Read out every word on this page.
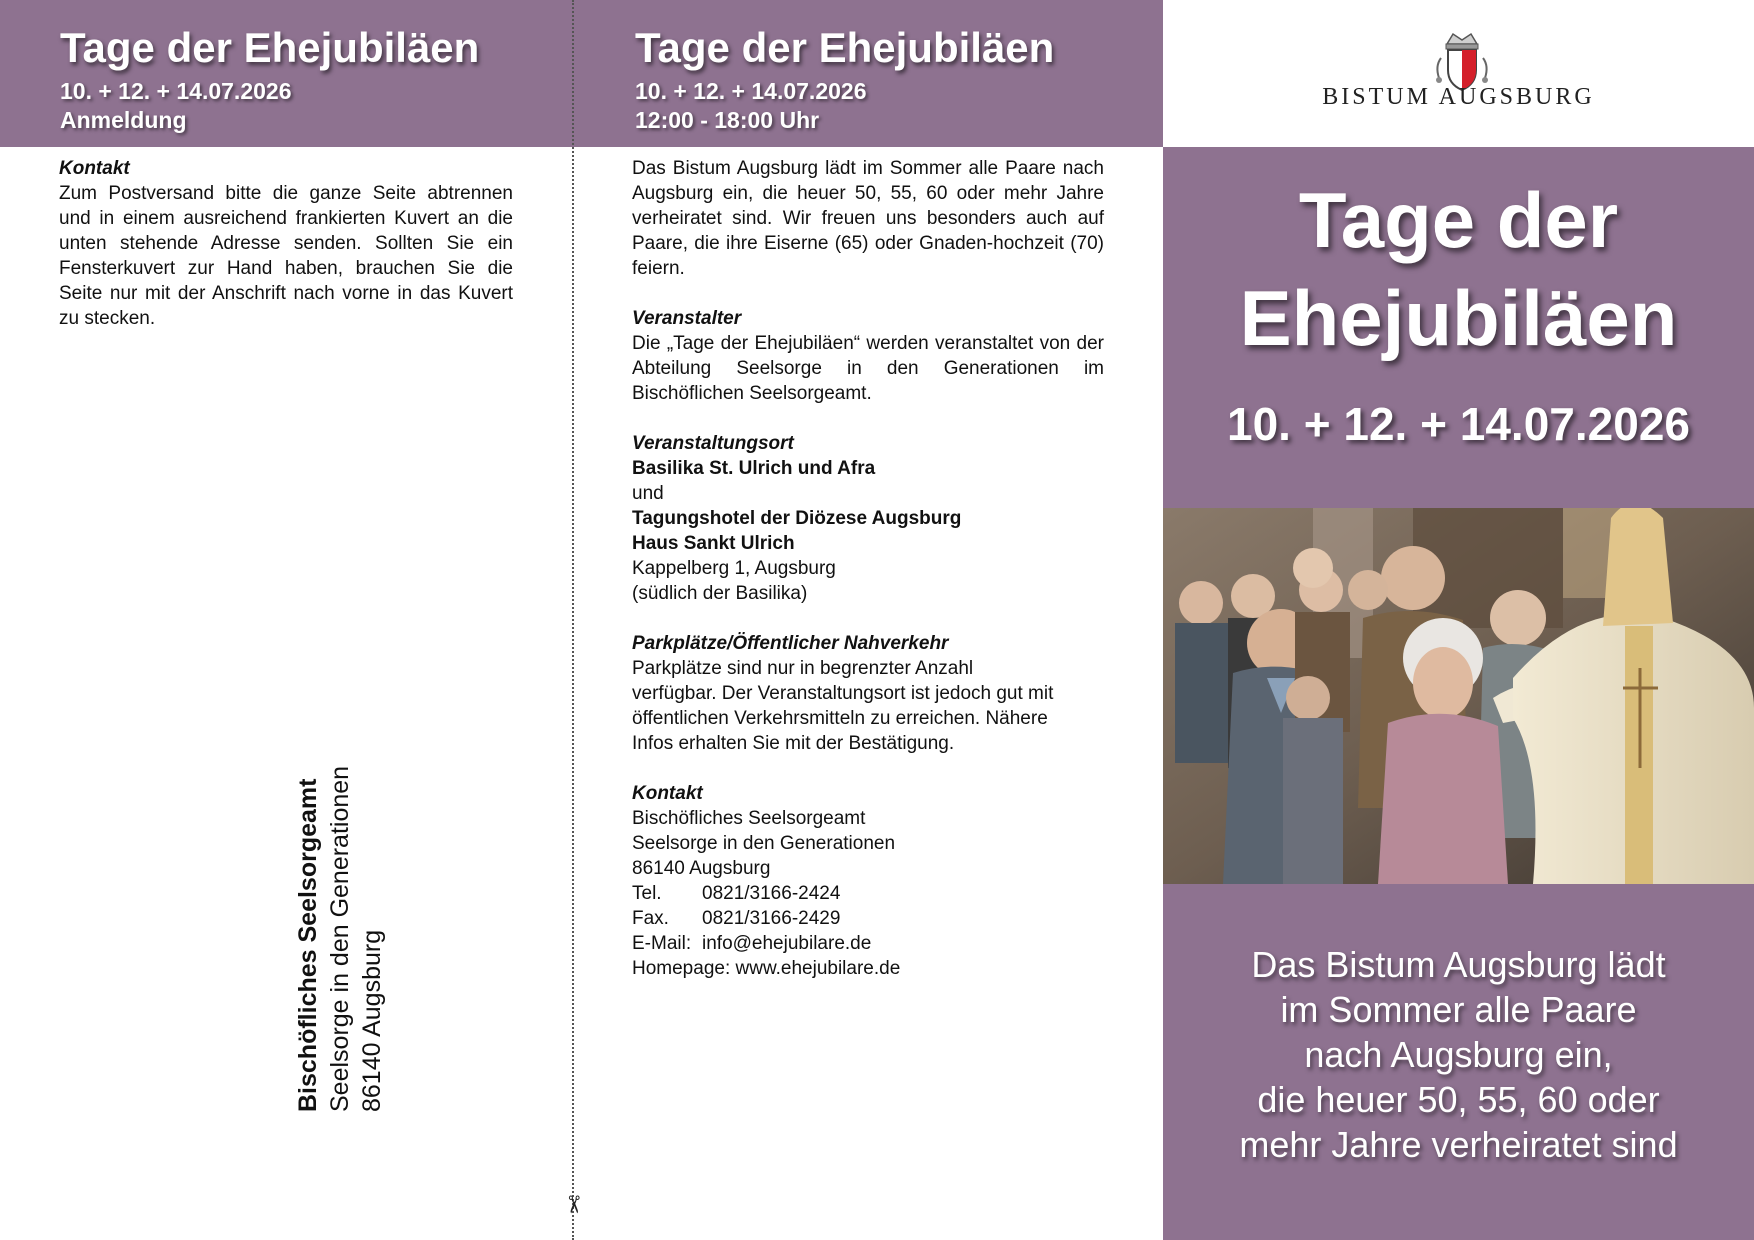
Tage der Ehejubiläen
10. + 12. + 14.07.2026
Anmeldung
Tage der Ehejubiläen
10. + 12. + 14.07.2026
12:00 - 18:00 Uhr
✂

Kontakt

Zum Postversand bitte die ganze Seite abtrennen und in einem ausreichend frankierten Kuvert an die unten stehende Adresse senden. Sollten Sie ein Fensterkuvert zur Hand haben, brauchen Sie die Seite nur mit der Anschrift nach vorne in das Kuvert zu stecken.

Bischöfliches Seelsorgeamt Seelsorge in den Generationen 86140 Augsburg

Das Bistum Augsburg lädt im Sommer alle Paare nach Augsburg ein, die heuer 50, 55, 60 oder mehr Jahre verheiratet sind. Wir freuen uns besonders auch auf Paare, die ihre Eiserne (65) oder Gnaden-hochzeit (70) feiern.

Veranstalter

Die „Tage der Ehejubiläen“ werden veranstaltet von der Abteilung Seelsorge in den Generationen im Bischöflichen Seelsorgeamt.

Veranstaltungsort

Basilika St. Ulrich und Afra

und

Tagungshotel der Diözese Augsburg

Haus Sankt Ulrich

Kappelberg 1, Augsburg

(südlich der Basilika)

Parkplätze/Öffentlicher Nahverkehr

Parkplätze sind nur in begrenzter Anzahl

verfügbar. Der Veranstaltungsort ist jedoch gut mit

öffentlichen Verkehrsmitteln zu erreichen. Nähere

Infos erhalten Sie mit der Bestätigung.

Kontakt

Bischöfliches Seelsorgeamt

Seelsorge in den Generationen

86140 Augsburg

Tel. 0821/3166-2424

Fax. 0821/3166-2429

E-Mail: info@ehejubilare.de

Homepage: www.ehejubilare.de

BISTUM AUGSBURG
Tage der
Ehejubiläen
10. + 12. + 14.07.2026
Das Bistum Augsburg lädt
im Sommer alle Paare
nach Augsburg ein,
die heuer 50, 55, 60 oder
mehr Jahre verheiratet sind
